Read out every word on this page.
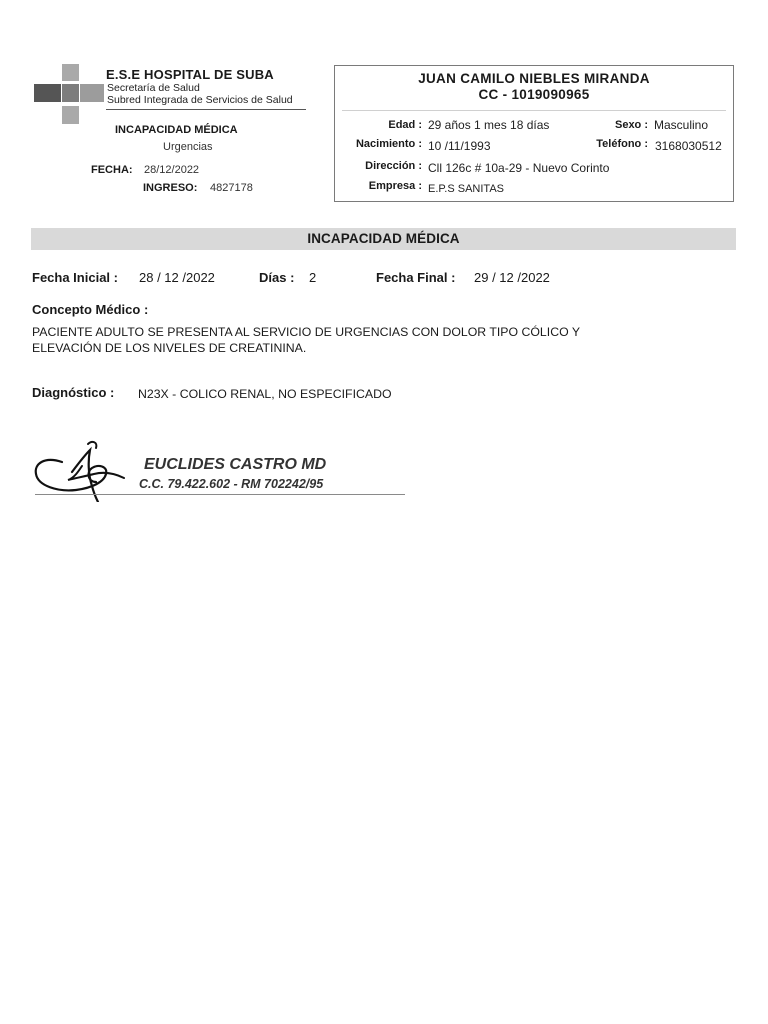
E.S.E HOSPITAL DE SUBA
Secretaría de Salud
Subred Integrada de Servicios de Salud
INCAPACIDAD MÉDICA
Urgencias
FECHA: 28/12/2022
INGRESO: 4827178
JUAN CAMILO NIEBLES MIRANDA
CC - 1019090965
Edad : 29 años 1 mes 18 días	Sexo : Masculino
Nacimiento : 10 /11/1993	Teléfono : 3168030512
Dirección : Cll 126c # 10a-29 - Nuevo Corinto
Empresa : E.P.S SANITAS
INCAPACIDAD MÉDICA
Fecha Inicial : 28 / 12 /2022	Días : 2	Fecha Final : 29 / 12 /2022
Concepto Médico :
PACIENTE ADULTO SE PRESENTA AL SERVICIO DE URGENCIAS CON DOLOR TIPO CÓLICO Y
ELEVACIÓN DE LOS NIVELES DE CREATININA.
Diagnóstico : N23X - COLICO RENAL, NO ESPECIFICADO
EUCLIDES CASTRO MD
C.C. 79.422.602 - RM 702242/95
